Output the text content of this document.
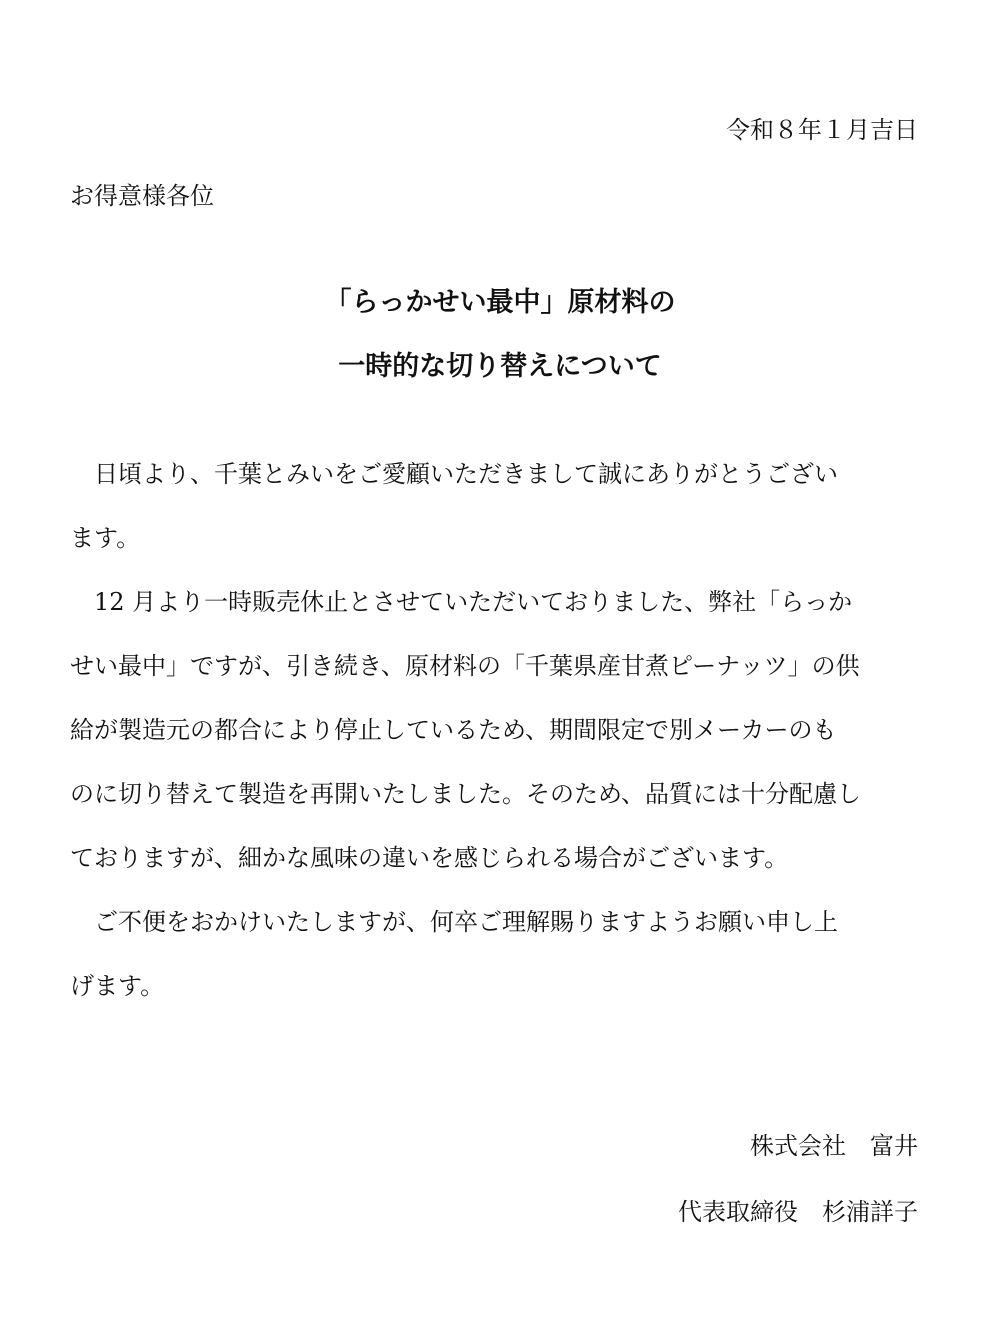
令和８年１月吉日
お得意様各位
「らっかせい最中」原材料の
一時的な切り替えについて
　日頃より、千葉とみいをご愛顧いただきまして誠にありがとうござい
ます。
　12 月より一時販売休止とさせていただいておりました、弊社「らっか
せい最中」ですが、引き続き、原材料の「千葉県産甘煮ピーナッツ」の供
給が製造元の都合により停止しているため、期間限定で別メーカーのも
のに切り替えて製造を再開いたしました。そのため、品質には十分配慮し
ておりますが、細かな風味の違いを感じられる場合がございます。
　ご不便をおかけいたしますが、何卒ご理解賜りますようお願い申し上
げます。
株式会社　富井
代表取締役　杉浦詳子
